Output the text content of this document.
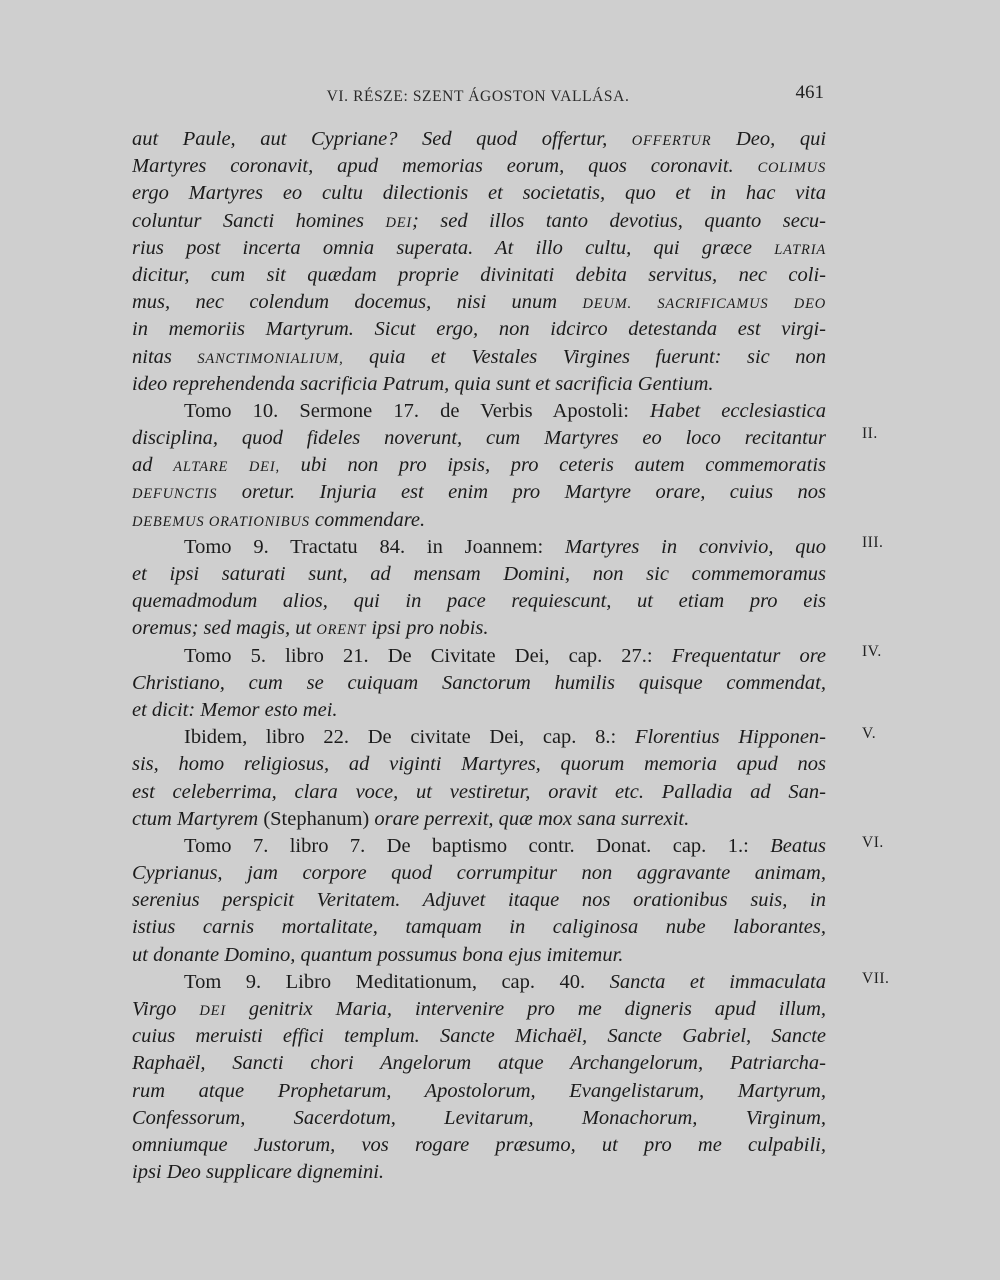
VI. RÉSZE: SZENT ÁGOSTON VALLÁSA.	461
aut Paule, aut Cypriane? Sed quod offertur, OFFERTUR Deo, qui
Martyres coronavit, apud memorias eorum, quos coronavit. COLIMUS
ergo Martyres eo cultu dilectionis et societatis, quo et in hac vita
coluntur Sancti homines DEI; sed illos tanto devotius, quanto secu-
rius post incerta omnia superata. At illo cultu, qui græce LATRIA
dicitur, cum sit quædam proprie divinitati debita servitus, nec coli-
mus, nec colendum docemus, nisi unum DEUM. SACRIFICAMUS DEO
in memoriis Martyrum. Sicut ergo, non idcirco detestanda est virgi-
nitas SANCTIMONIALIUM, quia et Vestales Virgines fuerunt: sic non
ideo reprehendenda sacrificia Patrum, quia sunt et sacrificia Gentium.
Tomo 10. Sermone 17. de Verbis Apostoli: Habet ecclesiastica
disciplina, quod fideles noverunt, cum Martyres eo loco recitantur
ad ALTARE DEI, ubi non pro ipsis, pro ceteris autem commemoratis
DEFUNCTIS oretur. Injuria est enim pro Martyre orare, cuius nos
DEBEMUS ORATIONIBUS commendare.
Tomo 9. Tractatu 84. in Joannem: Martyres in convivio, quo
et ipsi saturati sunt, ad mensam Domini, non sic commemoramus
quemadmodum alios, qui in pace requiescunt, ut etiam pro eis
oremus; sed magis, ut ORENT ipsi pro nobis.
Tomo 5. libro 21. De Civitate Dei, cap. 27.: Frequentatur ore
Christiano, cum se cuiquam Sanctorum humilis quisque commendat,
et dicit: Memor esto mei.
Ibidem, libro 22. De civitate Dei, cap. 8.: Florentius Hipponen-
sis, homo religiosus, ad viginti Martyres, quorum memoria apud nos
est celeberrima, clara voce, ut vestiretur, oravit etc. Palladia ad San-
ctum Martyrem (Stephanum) orare perrexit, quæ mox sana surrexit.
Tomo 7. libro 7. De baptismo contr. Donat. cap. 1.: Beatus
Cyprianus, jam corpore quod corrumpitur non aggravante animam,
serenius perspicit Veritatem. Adjuvet itaque nos orationibus suis, in
istius carnis mortalitate, tamquam in caliginosa nube laborantes,
ut donante Domino, quantum possumus bona ejus imitemur.
Tom 9. Libro Meditationum, cap. 40. Sancta et immaculata
Virgo DEI genitrix Maria, intervenire pro me digneris apud illum,
cuius meruisti effici templum. Sancte Michaël, Sancte Gabriel, Sancte
Raphaël, Sancti chori Angelorum atque Archangelorum, Patriarcha-
rum atque Prophetarum, Apostolorum, Evangelistarum, Martyrum,
Confessorum, Sacerdotum, Levitarum, Monachorum, Virginum,
omniumque Justorum, vos rogare præsumo, ut pro me culpabili,
ipsi Deo supplicare dignemini.
II.
III.
IV.
V.
VI.
VII.
